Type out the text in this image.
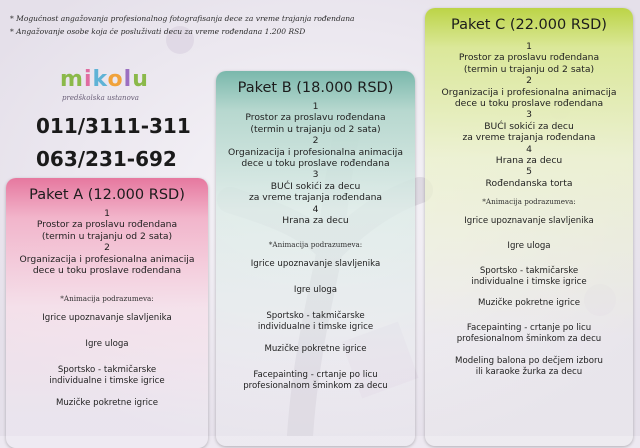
* Mogućnost angažovanja profesionalnog fotografisanja dece za vreme trajanja rođendana
* Angažovanje osobe koja će posluživati decu za vreme rođendana 1.200 RSD
mikolu
predškolska ustanova
011/3111-311
063/231-692
Paket C (22.000 RSD)
1
Prostor za proslavu rođendana
(termin u trajanju od 2 sata)
2
Organizacija i profesionalna animacija
dece u toku proslave rođendana
3
BUĆI sokići za decu
za vreme trajanja rođendana
4
Hrana za decu
5
Rođendanska torta
*Animacija podrazumeva:
Igrice upoznavanje slavljenika
Igre uloga
Sportsko - takmičarske
individualne i timske igrice
Muzičke pokretne igrice
Facepainting - crtanje po licu
profesionalnom šminkom za decu
Modeling balona po dečjem izboru
ili karaoke žurka za decu
Paket B (18.000 RSD)
1
Prostor za proslavu rođendana
(termin u trajanju od 2 sata)
2
Organizacija i profesionalna animacija
dece u toku proslave rođendana
3
BUĆI sokići za decu
za vreme trajanja rođendana
4
Hrana za decu
*Animacija podrazumeva:
Igrice upoznavanje slavljenika
Igre uloga
Sportsko - takmičarske
individualne i timske igrice
Muzičke pokretne igrice
Facepainting - crtanje po licu
profesionalnom šminkom za decu
Paket A (12.000 RSD)
1
Prostor za proslavu rođendana
(termin u trajanju od 2 sata)
2
Organizacija i profesionalna animacija
dece u toku proslave rođendana
*Animacija podrazumeva:
Igrice upoznavanje slavljenika
Igre uloga
Sportsko - takmičarske
individualne i timske igrice
Muzičke pokretne igrice
